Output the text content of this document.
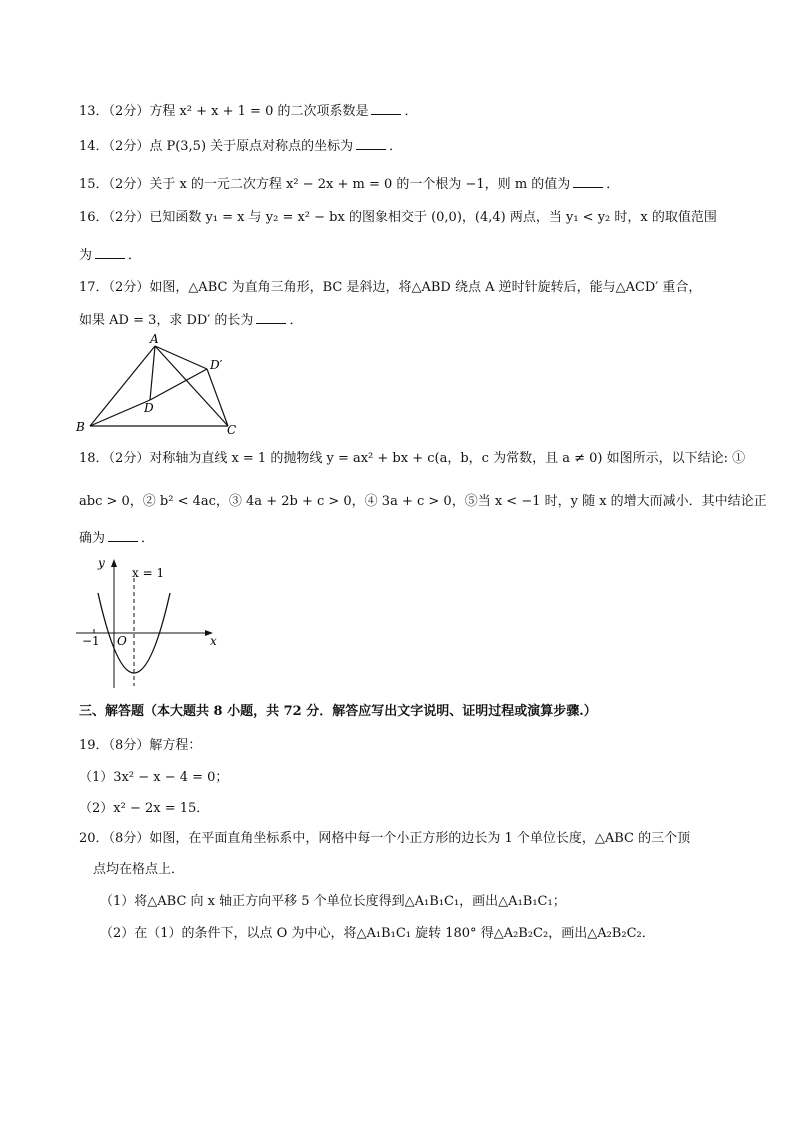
13．（2分）方程 x² + x + 1 = 0 的二次项系数是	．
14．（2分）点 P(3,5) 关于原点对称点的坐标为	．
15．（2分）关于 x 的一元二次方程 x² − 2x + m = 0 的一个根为 −1，则 m 的值为	．
16．（2分）已知函数 y₁ = x 与 y₂ = x² − bx 的图象相交于 (0,0)，(4,4) 两点，当 y₁ < y₂ 时，x 的取值范围
为	．
17．（2分）如图，△ABC 为直角三角形，BC 是斜边，将△ABD 绕点 A 逆时针旋转后，能与△ACD′ 重合，
如果 AD = 3，求 DD′ 的长为	．
A
B	C
D
D′
18．（2分）对称轴为直线 x = 1 的抛物线 y = ax² + bx + c(a，b，c 为常数，且 a ≠ 0) 如图所示，以下结论: ①
abc > 0，② b² < 4ac，③ 4a + 2b + c > 0，④ 3a + c > 0，⑤当 x < −1 时，y 随 x 的增大而减小．其中结论正
确为	．
y
x = 1
−1 O	x
三、解答题（本大题共 8 小题，共 72 分．解答应写出文字说明、证明过程或演算步骤.）
19．（8分）解方程：
（1）3x² − x − 4 = 0；
（2）x² − 2x = 15．
20．（8分）如图，在平面直角坐标系中，网格中每一个小正方形的边长为 1 个单位长度，△ABC 的三个顶
点均在格点上．
（1）将△ABC 向 x 轴正方向平移 5 个单位长度得到△A₁B₁C₁，画出△A₁B₁C₁；
（2）在（1）的条件下，以点 O 为中心，将△A₁B₁C₁ 旋转 180° 得△A₂B₂C₂，画出△A₂B₂C₂．
